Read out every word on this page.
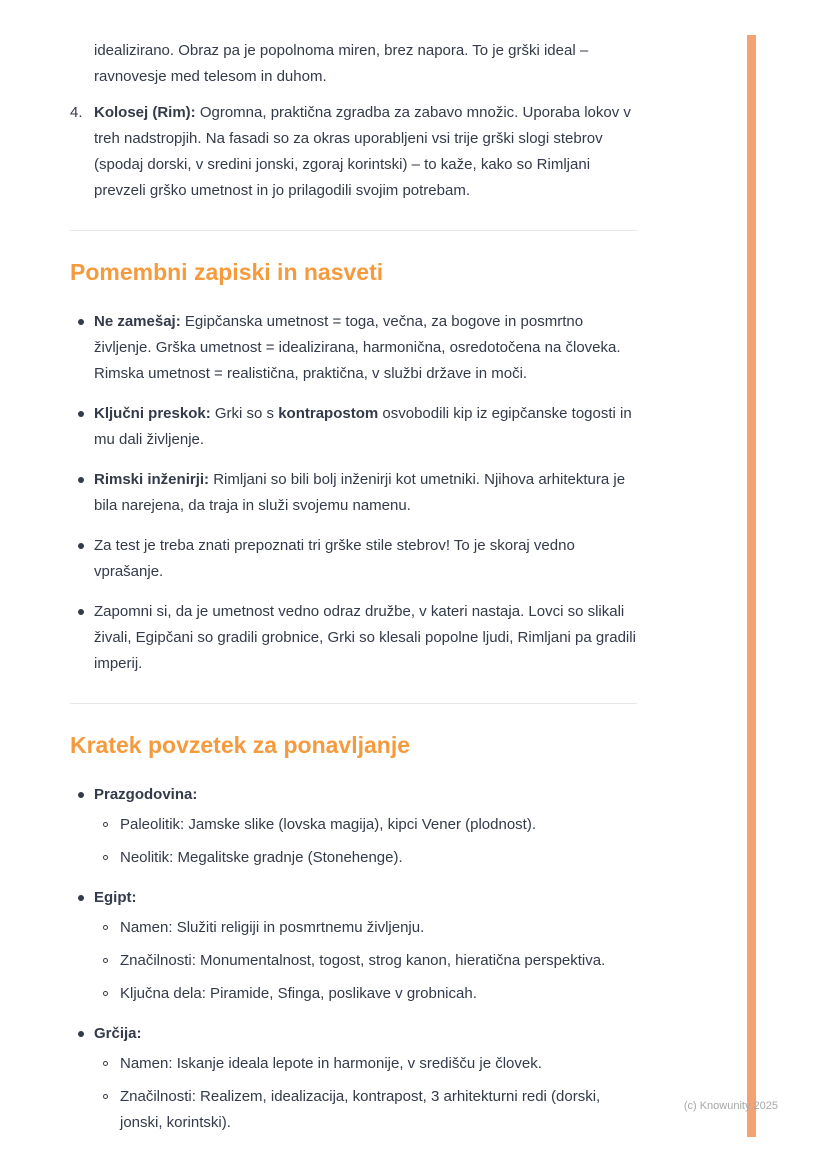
idealizirano. Obraz pa je popolnoma miren, brez napora. To je grški ideal – ravnovesje med telesom in duhom.

4. Kolosej (Rim): Ogromna, praktična zgradba za zabavo množic. Uporaba lokov v treh nadstropjih. Na fasadi so za okras uporabljeni vsi trije grški slogi stebrov (spodaj dorski, v sredini jonski, zgoraj korintski) – to kaže, kako so Rimljani prevzeli grško umetnost in jo prilagodili svojim potrebam.

Pomembni zapiski in nasveti
Ne zamešaj: Egipčanska umetnost = toga, večna, za bogove in posmrtno življenje. Grška umetnost = idealizirana, harmonična, osredotočena na človeka. Rimska umetnost = realistična, praktična, v službi države in moči.
Ključni preskok: Grki so s kontrapostom osvobodili kip iz egipčanske togosti in mu dali življenje.
Rimski inženirji: Rimljani so bili bolj inženirji kot umetniki. Njihova arhitektura je bila narejena, da traja in služi svojemu namenu.
Za test je treba znati prepoznati tri grške stile stebrov! To je skoraj vedno vprašanje.
Zapomni si, da je umetnost vedno odraz družbe, v kateri nastaja. Lovci so slikali živali, Egipčani so gradili grobnice, Grki so klesali popolne ljudi, Rimljani pa gradili imperij.
Kratek povzetek za ponavljanje
Prazgodovina:
Paleolitik: Jamske slike (lovska magija), kipci Vener (plodnost).
Neolitik: Megalitske gradnje (Stonehenge).
Egipt:
Namen: Služiti religiji in posmrtnemu življenju.
Značilnosti: Monumentalnost, togost, strog kanon, hieratična perspektiva.
Ključna dela: Piramide, Sfinga, poslikave v grobnicah.
Grčija:
Namen: Iskanje ideala lepote in harmonije, v središču je človek.
Značilnosti: Realizem, idealizacija, kontrapost, 3 arhitekturni redi (dorski, jonski, korintski).
(c) Knowunity 2025
